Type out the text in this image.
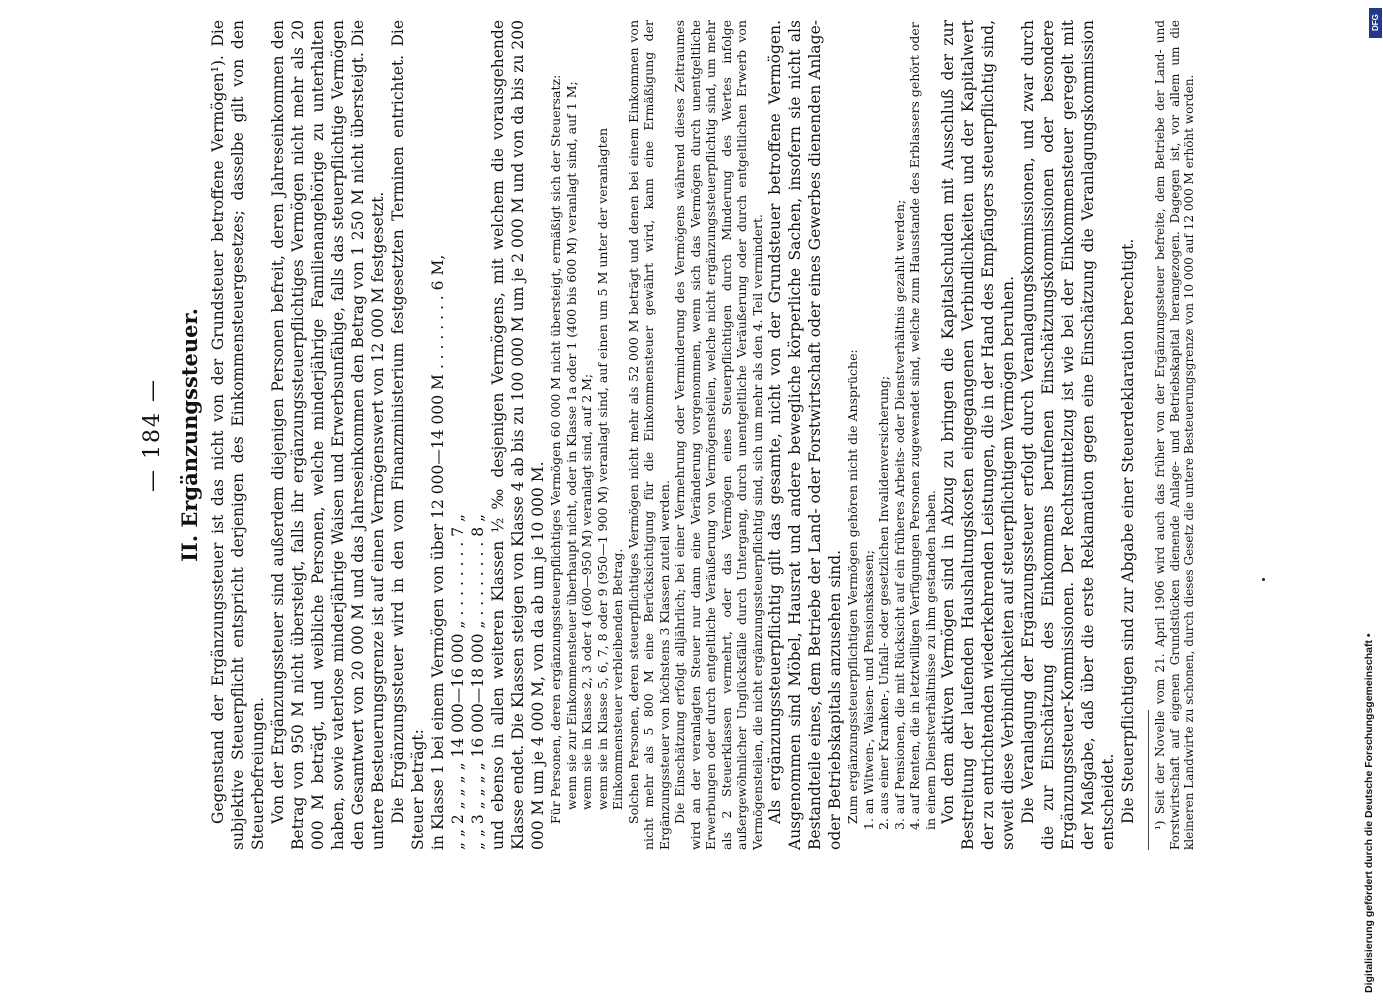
— 184 — II. Ergänzungssteuer. Gegenstand der Ergänzungssteuer ist das nicht von der Grundsteuer betroffene Vermögen¹). Die subjektive Steuerpflicht entspricht derjenigen des Einkommensteuergesetzes; dasselbe gilt von den Steuerbefreiungen. Von der Ergänzungssteuer sind außerdem diejenigen Personen befreit, deren Jahreseinkommen den Betrag von 950 M nicht übersteigt, falls ihr ergänzungssteuerpflichtiges Vermögen nicht mehr als 20 000 M beträgt, und weibliche Personen, welche minderjährige Familienangehörige zu unterhalten haben, sowie vaterlose minderjährige Waisen und Erwerbsunfähige, falls das steuerpflichtige Vermögen den Gesamtwert von 20 000 M und das Jahreseinkommen den Betrag von 1 250 M nicht übersteigt. Die untere Besteuerungsgrenze ist auf einen Vermögenswert von 12 000 M festgesetzt. Die Ergänzungssteuer wird in den vom Finanzministerium festgesetzten Terminen entrichtet. Die Steuer beträgt: in Klasse 1 bei einem Vermögen von über 12 000—14 000 M . . . . . . . . 6 M, „ „ 2 „ „ „ „ 14 000—16 000 „ . . . . . . . . 7 „ „ „ 3 „ „ „ „ 16 000—18 000 „ . . . . . . . . 8 „ und ebenso in allen weiteren Klassen ½ ‰ desjenigen Vermögens, mit welchem die vorausgehende Klasse endet. Die Klassen steigen von Klasse 4 ab bis zu 100 000 M um je 2 000 M und von da bis zu 200 000 M um je 4 000 M, von da ab um je 10 000 M. Für Personen, deren ergänzungssteuerpflichtiges Vermögen 60 000 M nicht übersteigt, ermäßigt sich der Steuersatz: wenn sie zur Einkommensteuer überhaupt nicht, oder in Klasse 1a oder 1 (400 bis 600 M) veranlagt sind, auf 1 M; wenn sie in Klasse 2, 3 oder 4 (600—950 M) veranlagt sind, auf 2 M; wenn sie in Klasse 5, 6, 7, 8 oder 9 (950—1 900 M) veranlagt sind, auf einen um 5 M unter der veranlagten Einkommensteuer verbleibenden Betrag. Solchen Personen, deren steuerpflichtiges Vermögen nicht mehr als 52 000 M beträgt und denen bei einem Einkommen von nicht mehr als 5 800 M eine Berücksichtigung für die Einkommensteuer gewährt wird, kann eine Ermäßigung der Ergänzungssteuer von höchstens 3 Klassen zuteil werden. Die Einschätzung erfolgt alljährlich; bei einer Vermehrung oder Verminderung des Vermögens während dieses Zeitraumes wird an der veranlagten Steuer nur dann eine Veränderung vorgenommen, wenn sich das Vermögen durch unentgeltliche Erwerbungen oder durch entgeltliche Veräußerung von Vermögensteilen, welche nicht ergänzungssteuerpflichtig sind, um mehr als 2 Steuerklassen vermehrt, oder das Vermögen eines Steuerpflichtigen durch Minderung des Wertes infolge außergewöhnlicher Unglücksfälle durch Untergang, durch unentgeltliche Veräußerung oder durch entgeltlichen Erwerb von Vermögensteilen, die nicht ergänzungssteuerpflichtig sind, sich um mehr als den 4. Teil vermindert. Als ergänzungssteuerpflichtig gilt das gesamte, nicht von der Grundsteuer betroffene Vermögen. Ausgenommen sind Möbel, Hausrat und andere bewegliche körperliche Sachen, insofern sie nicht als Bestandteile eines, dem Betriebe der Land- oder Forstwirtschaft oder eines Gewerbes dienenden Anlage- oder Betriebskapitals anzusehen sind. Zum ergänzungssteuerpflichtigen Vermögen gehören nicht die Ansprüche: 1. an Witwen-, Waisen- und Pensionskassen; 2. aus einer Kranken-, Unfall- oder gesetzlichen Invalidenversicherung; 3. auf Pensionen, die mit Rücksicht auf ein früheres Arbeits- oder Dienstverhältnis gezahlt werden; 4. auf Renten, die in letztwilligen Verfügungen Personen zugewendet sind, welche zum Hausstande des Erblassers gehört oder in einem Dienstverhältnisse zu ihm gestanden haben. Von dem aktiven Vermögen sind in Abzug zu bringen die Kapitalschulden mit Ausschluß der zur Bestreitung der laufenden Haushaltungskosten eingegangenen Verbindlichkeiten und der Kapitalwert der zu entrichtenden wiederkehrenden Leistungen, die in der Hand des Empfängers steuerpflichtig sind, soweit diese Verbindlichkeiten auf steuerpflichtigem Vermögen beruhen. Die Veranlagung der Ergänzungssteuer erfolgt durch Veranlagungskommissionen, und zwar durch die zur Einschätzung des Einkommens berufenen Einschätzungskommissionen oder besondere Ergänzungssteuer-Kommissionen. Der Rechtsmittelzug ist wie bei der Einkommensteuer geregelt mit der Maßgabe, daß über die erste Reklamation gegen eine Einschätzung die Veranlagungskommission entscheidet. Die Steuerpflichtigen sind zur Abgabe einer Steuerdeklaration berechtigt. ¹) Seit der Novelle vom 21. April 1906 wird auch das früher von der Ergänzungssteuer befreite, dem Betriebe der Land- und Forstwirtschaft auf eigenen Grundstücken dienende Anlage- und Betriebskapital herangezogen. Dagegen ist, vor allem um die kleineren Landwirte zu schonen, durch dieses Gesetz die untere Besteuerungsgrenze von 10 000 auf 12 000 M erhöht worden.	Digitalisierung gefördert durch die Deutsche Forschungsgemeinschaft •
DFG
